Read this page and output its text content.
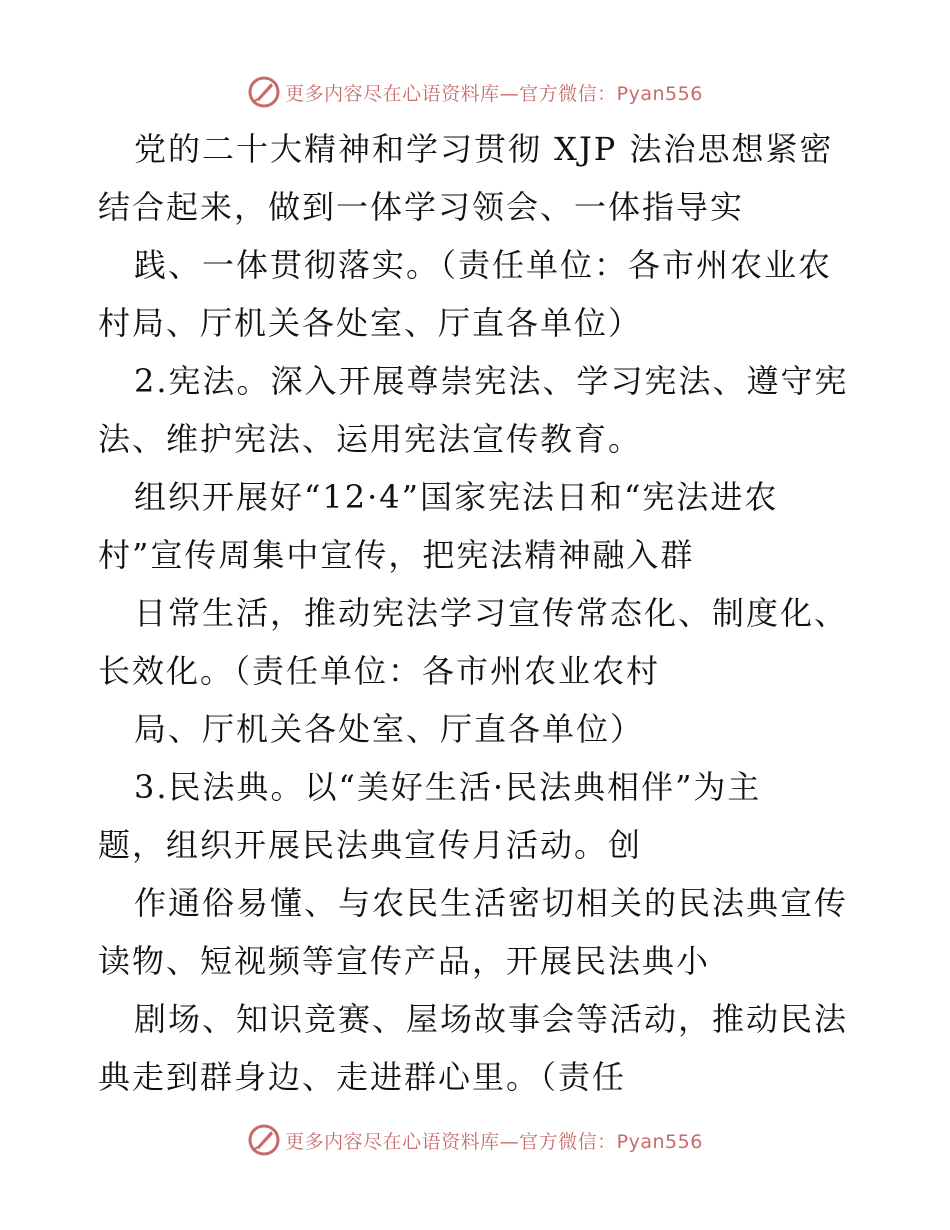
更多内容尽在心语资料库—官方微信：Pyan556
党的二十大精神和学习贯彻 XJP 法治思想紧密
结合起来，做到一体学习领会、一体指导实
践、一体贯彻落实。（责任单位：各市州农业农
村局、厅机关各处室、厅直各单位）
2.宪法。深入开展尊崇宪法、学习宪法、遵守宪
法、维护宪法、运用宪法宣传教育。
组织开展好“12·4”国家宪法日和“宪法进农
村”宣传周集中宣传，把宪法精神融入群
日常生活，推动宪法学习宣传常态化、制度化、
长效化。（责任单位：各市州农业农村
局、厅机关各处室、厅直各单位）
3.民法典。以“美好生活·民法典相伴”为主
题，组织开展民法典宣传月活动。创
作通俗易懂、与农民生活密切相关的民法典宣传
读物、短视频等宣传产品，开展民法典小
剧场、知识竞赛、屋场故事会等活动，推动民法
典走到群身边、走进群心里。（责任
更多内容尽在心语资料库—官方微信：Pyan556
